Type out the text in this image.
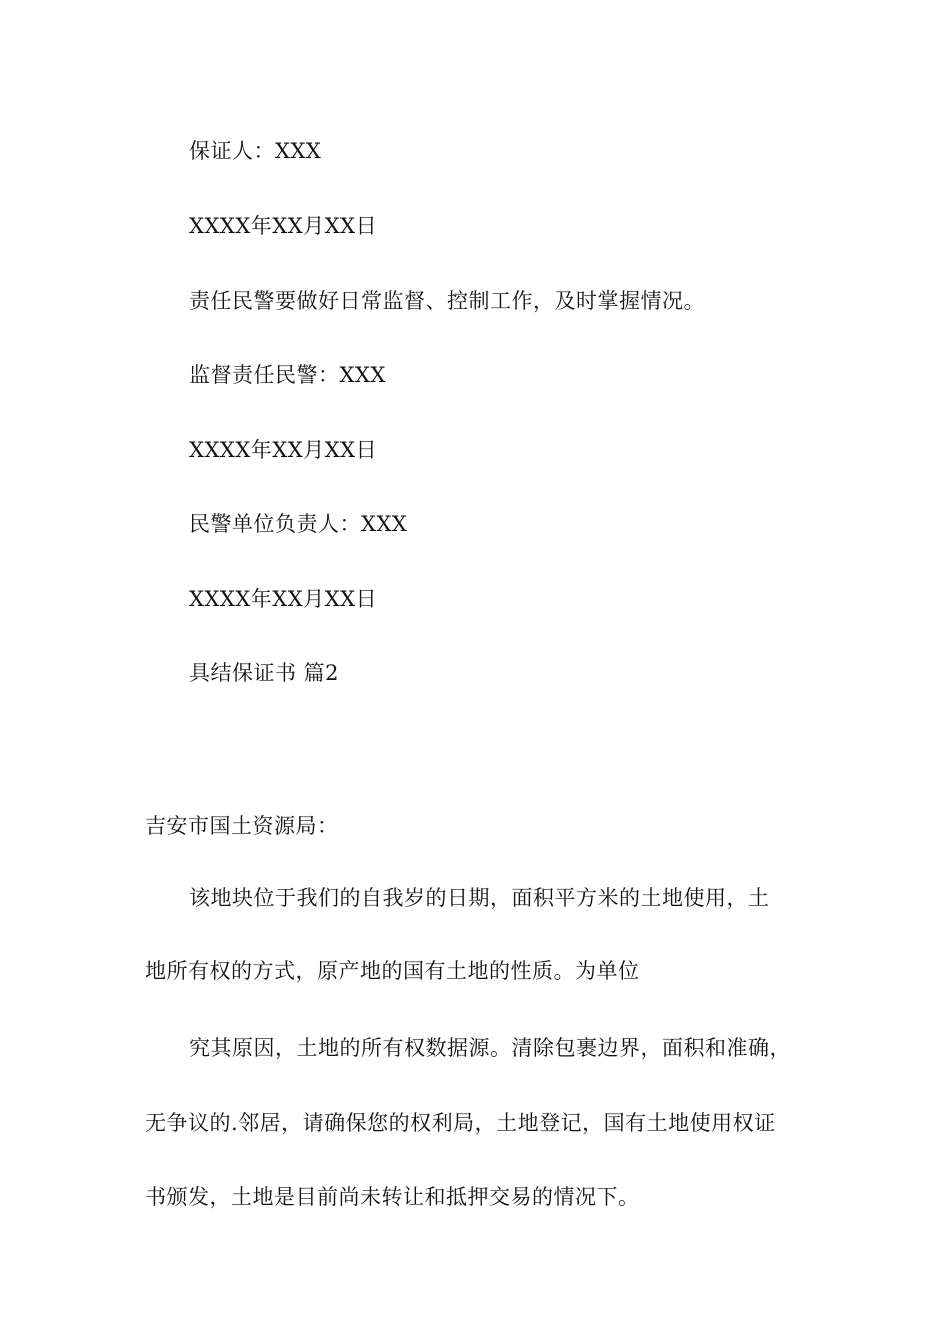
保证人：XXX
XXXX年XX月XX日
责任民警要做好日常监督、控制工作，及时掌握情况。
监督责任民警：XXX
XXXX年XX月XX日
民警单位负责人：XXX
XXXX年XX月XX日
具结保证书 篇2
吉安市国土资源局：
该地块位于我们的自我岁的日期，面积平方米的土地使用，土
地所有权的方式，原产地的国有土地的性质。为单位
究其原因，土地的所有权数据源。清除包裹边界，面积和准确，
无争议的.邻居，请确保您的权利局，土地登记，国有土地使用权证
书颁发，土地是目前尚未转让和抵押交易的情况下。
